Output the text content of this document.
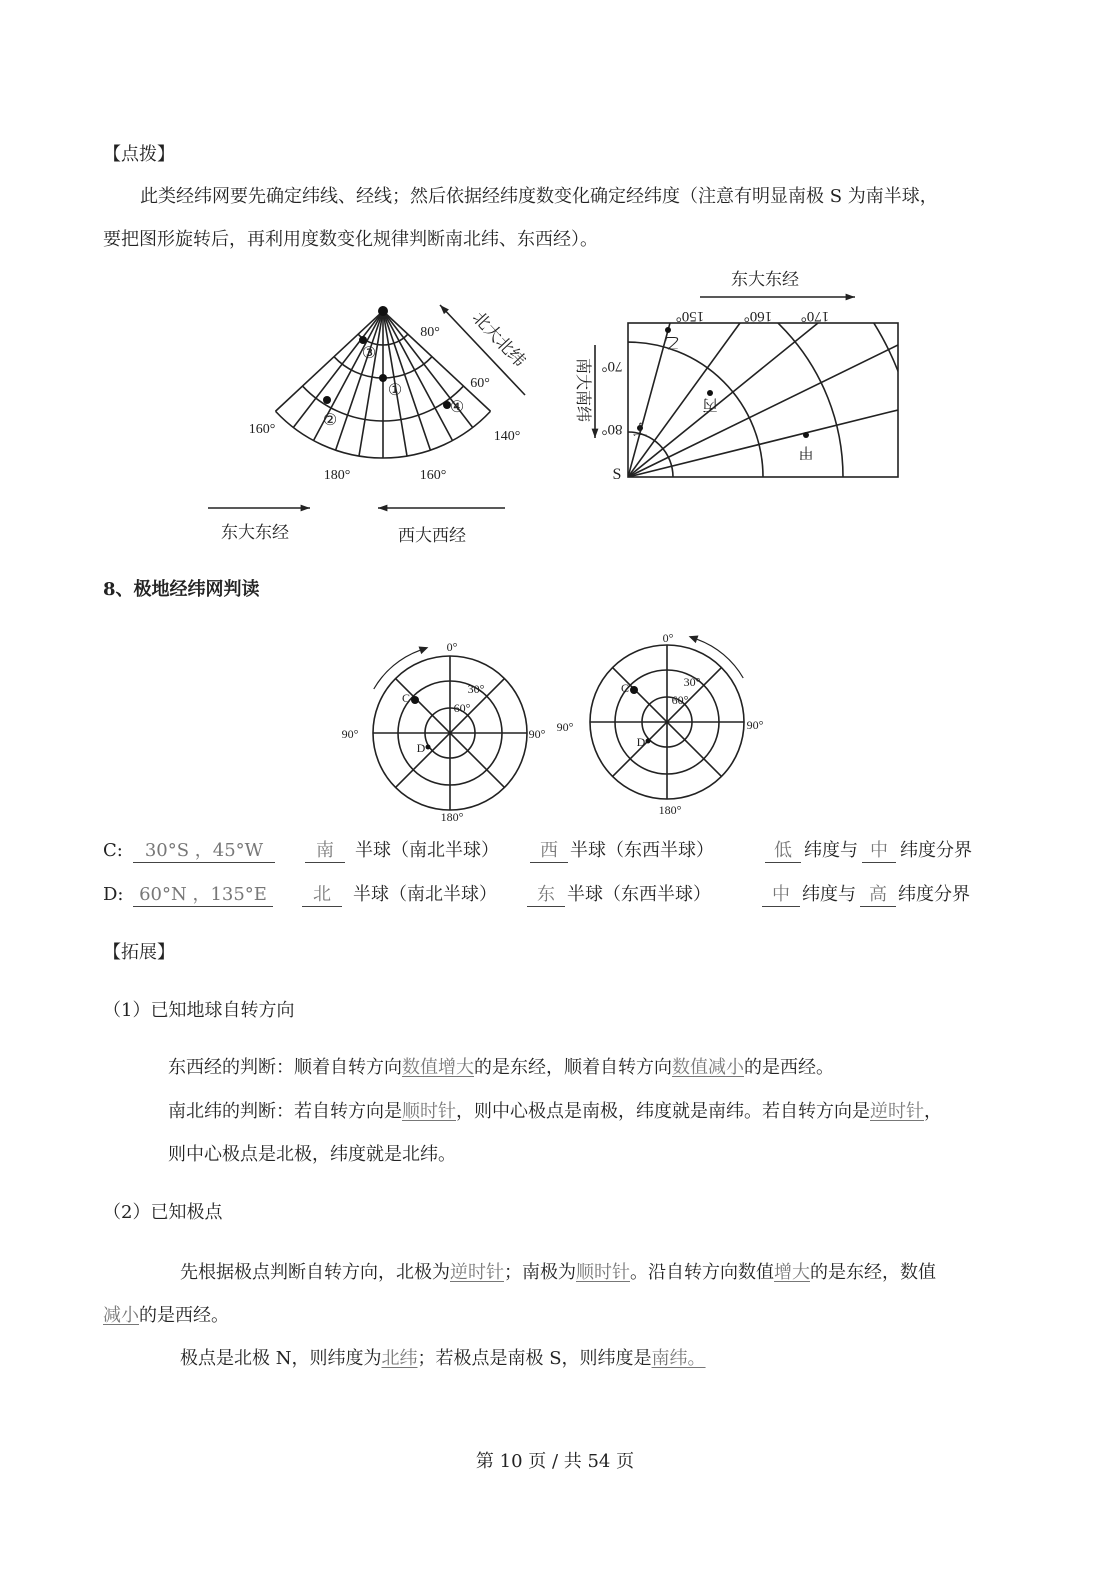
【点拨】
此类经纬网要先确定纬线、经线；然后依据经纬度数变化确定经纬度（注意有明显南极 S 为南半球，
要把图形旋转后，再利用度数变化规律判断南北纬、东西经）。
80°
60°
160°	140°
180°	160°
③
①
②
④
北大北纬
东大东经	西大西经
150°	160° 170°
70°
80°
S
乙
甲
丙
丁
东大东经
南大南纬
0°
180°
90°	90°
30°
60°
C
D
0°
180°
90°	90°
30°
60°
C
D
8、极地经纬网判读
C:	30°S ，45°W	南	半球（南北半球）	西 半球（东西半球）	低 纬度与 中 纬度分界
D: 60°N ，135°E	北	半球（南北半球）	东 半球（东西半球）	中 纬度与 高 纬度分界
【拓展】
（1）已知地球自转方向
东西经的判断：顺着自转方向数值增大的是东经，顺着自转方向数值减小的是西经。
南北纬的判断：若自转方向是顺时针，则中心极点是南极，纬度就是南纬。若自转方向是逆时针，
则中心极点是北极，纬度就是北纬。
（2）已知极点
先根据极点判断自转方向，北极为逆时针；南极为顺时针。沿自转方向数值增大的是东经，数值
减小的是西经。
极点是北极 N，则纬度为北纬；若极点是南极 S，则纬度是南纬。
第 10 页 / 共 54 页
